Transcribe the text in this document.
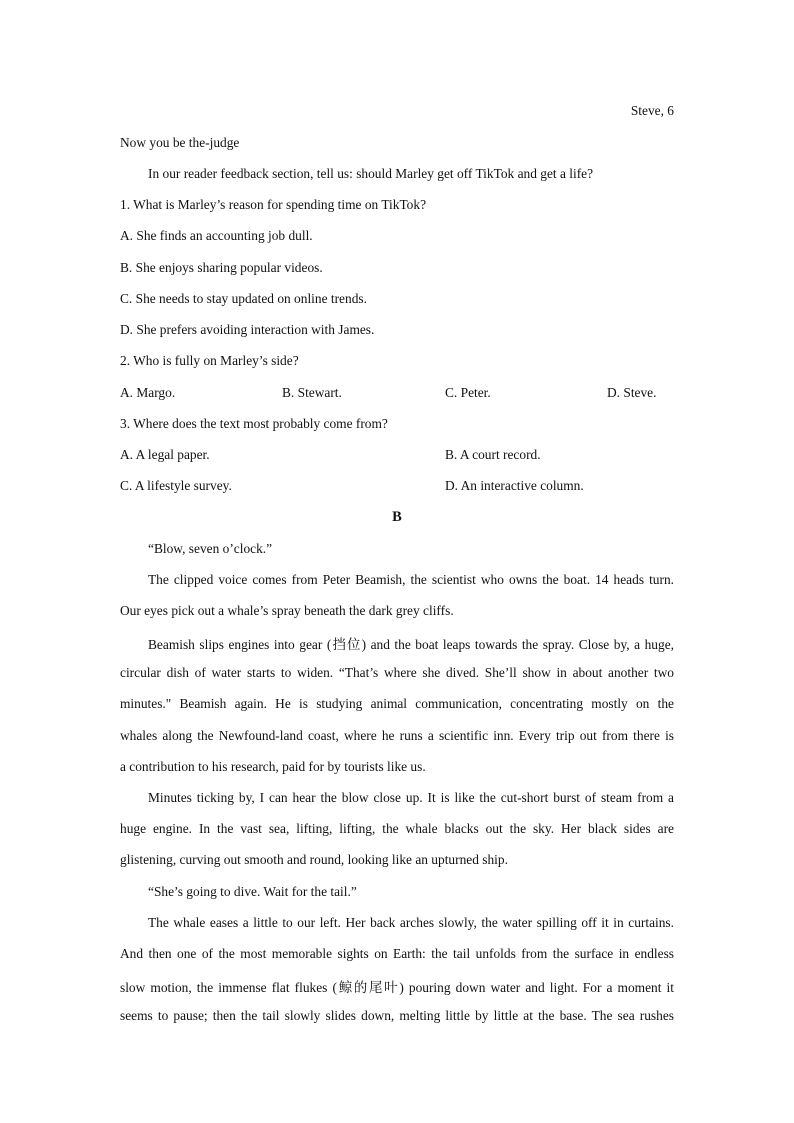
Steve, 6
Now you be the-judge
In our reader feedback section, tell us: should Marley get off TikTok and get a life?
1. What is Marley’s reason for spending time on TikTok?
A. She finds an accounting job dull.
B. She enjoys sharing popular videos.
C. She needs to stay updated on online trends.
D. She prefers avoiding interaction with James.
2. Who is fully on Marley’s side?
A. Margo.	B. Stewart.	C. Peter.	D. Steve.
3. Where does the text most probably come from?
A. A legal paper.	B. A court record.
C. A lifestyle survey.	D. An interactive column.
B
“Blow, seven o’clock.”
The clipped voice comes from Peter Beamish, the scientist who owns the boat. 14 heads turn.
Our eyes pick out a whale’s spray beneath the dark grey cliffs.
Beamish slips engines into gear (挡位) and the boat leaps towards the spray. Close by, a huge,
circular dish of water starts to widen. “That’s where she dived. She’ll show in about another two
minutes." Beamish again. He is studying animal communication, concentrating mostly on the
whales along the Newfound-land coast, where he runs a scientific inn. Every trip out from there is
a contribution to his research, paid for by tourists like us.
Minutes ticking by, I can hear the blow close up. It is like the cut-short burst of steam from a
huge engine. In the vast sea, lifting, lifting, the whale blacks out the sky. Her black sides are
glistening, curving out smooth and round, looking like an upturned ship.
“She’s going to dive. Wait for the tail.”
The whale eases a little to our left. Her back arches slowly, the water spilling off it in curtains.
And then one of the most memorable sights on Earth: the tail unfolds from the surface in endless
slow motion, the immense flat flukes (鲸的尾叶) pouring down water and light. For a moment it
seems to pause; then the tail slowly slides down, melting little by little at the base. The sea rushes
